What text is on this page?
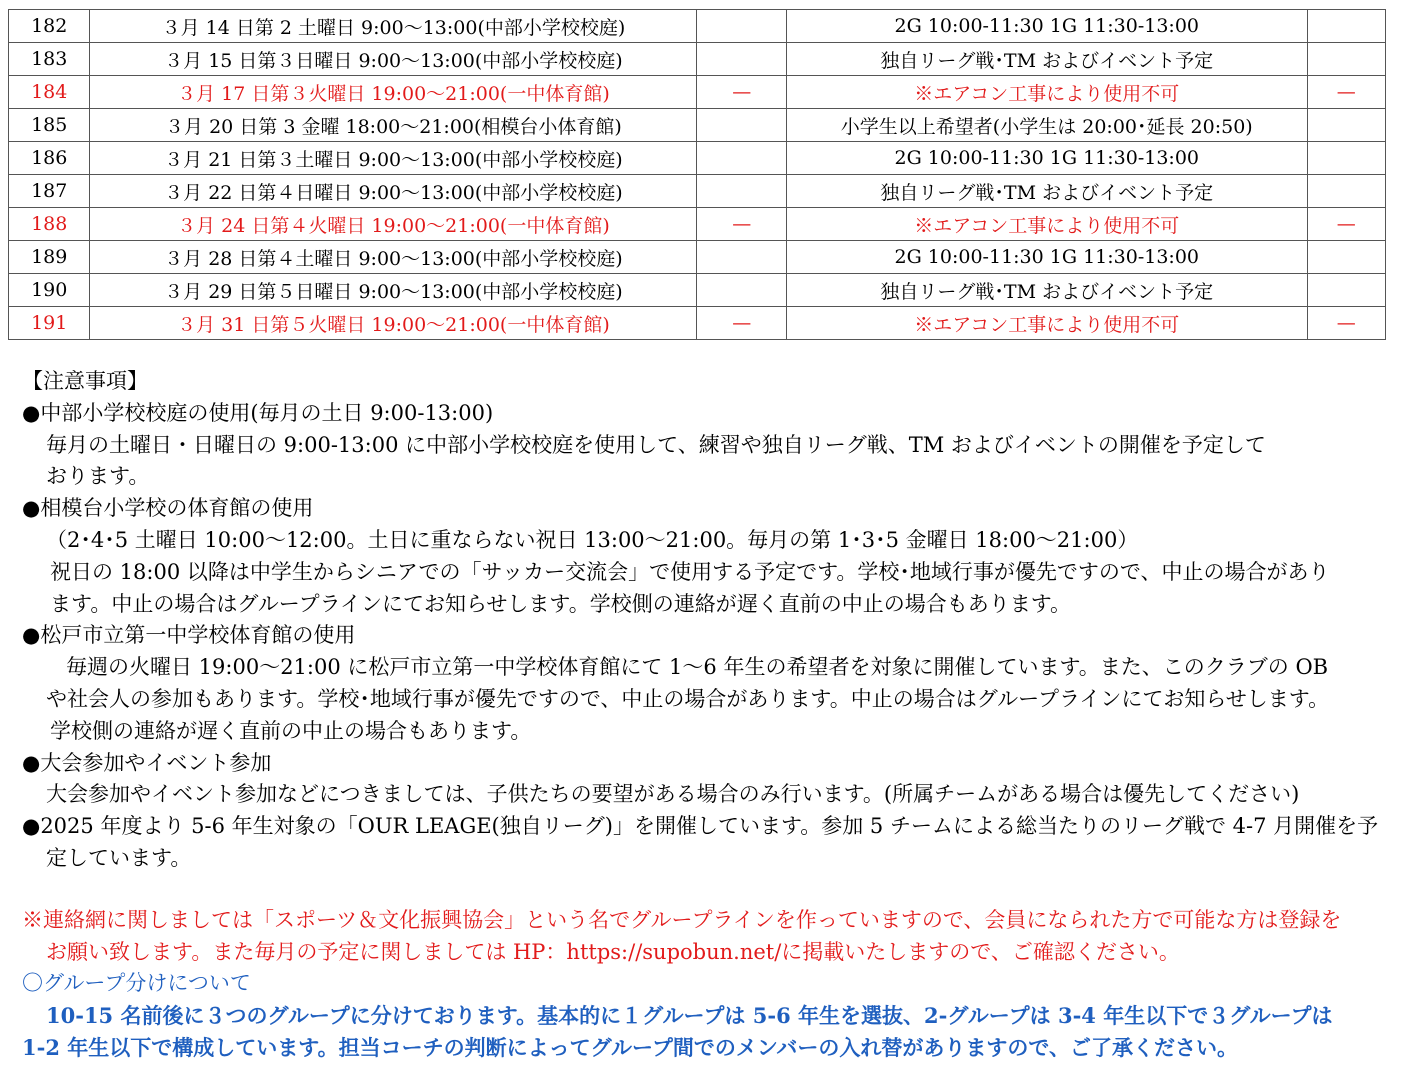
182	３月 14 日第 2 土曜日 9:00～13:00(中部小学校校庭)		2G 10:00-11:30 1G 11:30-13:00	
183	３月 15 日第３日曜日 9:00～13:00(中部小学校校庭)		独自リーグ戦･TM およびイベント予定	
184	３月 17 日第３火曜日 19:00～21:00(一中体育館)	—	※エアコン工事により使用不可	—
185	３月 20 日第 3 金曜 18:00～21:00(相模台小体育館)		小学生以上希望者(小学生は 20:00･延長 20:50)	
186	３月 21 日第３土曜日 9:00～13:00(中部小学校校庭)		2G 10:00-11:30 1G 11:30-13:00	
187	３月 22 日第４日曜日 9:00～13:00(中部小学校校庭)		独自リーグ戦･TM およびイベント予定	
188	３月 24 日第４火曜日 19:00～21:00(一中体育館)	—	※エアコン工事により使用不可	—
189	３月 28 日第４土曜日 9:00～13:00(中部小学校校庭)		2G 10:00-11:30 1G 11:30-13:00	
190	３月 29 日第５日曜日 9:00～13:00(中部小学校校庭)		独自リーグ戦･TM およびイベント予定	
191	３月 31 日第５火曜日 19:00～21:00(一中体育館)	—	※エアコン工事により使用不可	—

【注意事項】

●中部小学校校庭の使用(毎月の土日 9:00-13:00)

毎月の土曜日・日曜日の 9:00-13:00 に中部小学校校庭を使用して、練習や独自リーグ戦、TM およびイベントの開催を予定して

おります。

●相模台小学校の体育館の使用

（2･4･5 土曜日 10:00～12:00。土日に重ならない祝日 13:00～21:00。毎月の第 1･3･5 金曜日 18:00～21:00）

祝日の 18:00 以降は中学生からシニアでの「サッカー交流会」で使用する予定です。学校･地域行事が優先ですので、中止の場合があり

ます。中止の場合はグループラインにてお知らせします。学校側の連絡が遅く直前の中止の場合もあります。

●松戸市立第一中学校体育館の使用

毎週の火曜日 19:00～21:00 に松戸市立第一中学校体育館にて 1～6 年生の希望者を対象に開催しています。また、このクラブの OB

や社会人の参加もあります。学校･地域行事が優先ですので、中止の場合があります。中止の場合はグループラインにてお知らせします。

学校側の連絡が遅く直前の中止の場合もあります。

●大会参加やイベント参加

大会参加やイベント参加などにつきましては、子供たちの要望がある場合のみ行います。(所属チームがある場合は優先してください)

●2025 年度より 5-6 年生対象の「OUR LEAGE(独自リーグ)」を開催しています。参加 5 チームによる総当たりのリーグ戦で 4-7 月開催を予定しています。

※連絡網に関しましては「スポーツ＆文化振興協会」という名でグループラインを作っていますので、会員になられた方で可能な方は登録を

お願い致します。また毎月の予定に関しましては HP：https://supobun.net/に掲載いたしますので、ご確認ください。

〇グループ分けについて

10-15 名前後に３つのグループに分けております。基本的に１グループは 5-6 年生を選抜、2-グループは 3-4 年生以下で３グループは

1-2 年生以下で構成しています。担当コーチの判断によってグループ間でのメンバーの入れ替がありますので、ご了承ください。
